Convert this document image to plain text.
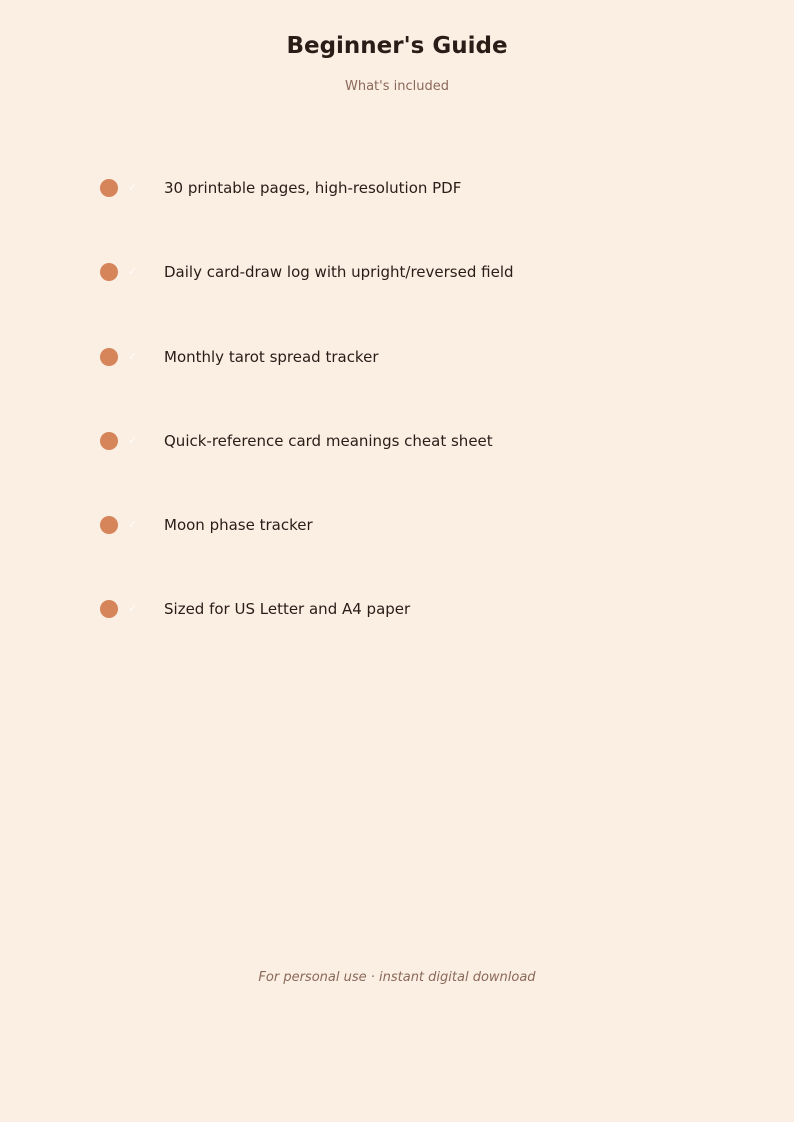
Beginner's Guide
What's included
✓ 30 printable pages, high-resolution PDF
✓ Daily card-draw log with upright/reversed field
✓ Monthly tarot spread tracker
✓ Quick-reference card meanings cheat sheet
✓ Moon phase tracker
✓ Sized for US Letter and A4 paper
For personal use · instant digital download
